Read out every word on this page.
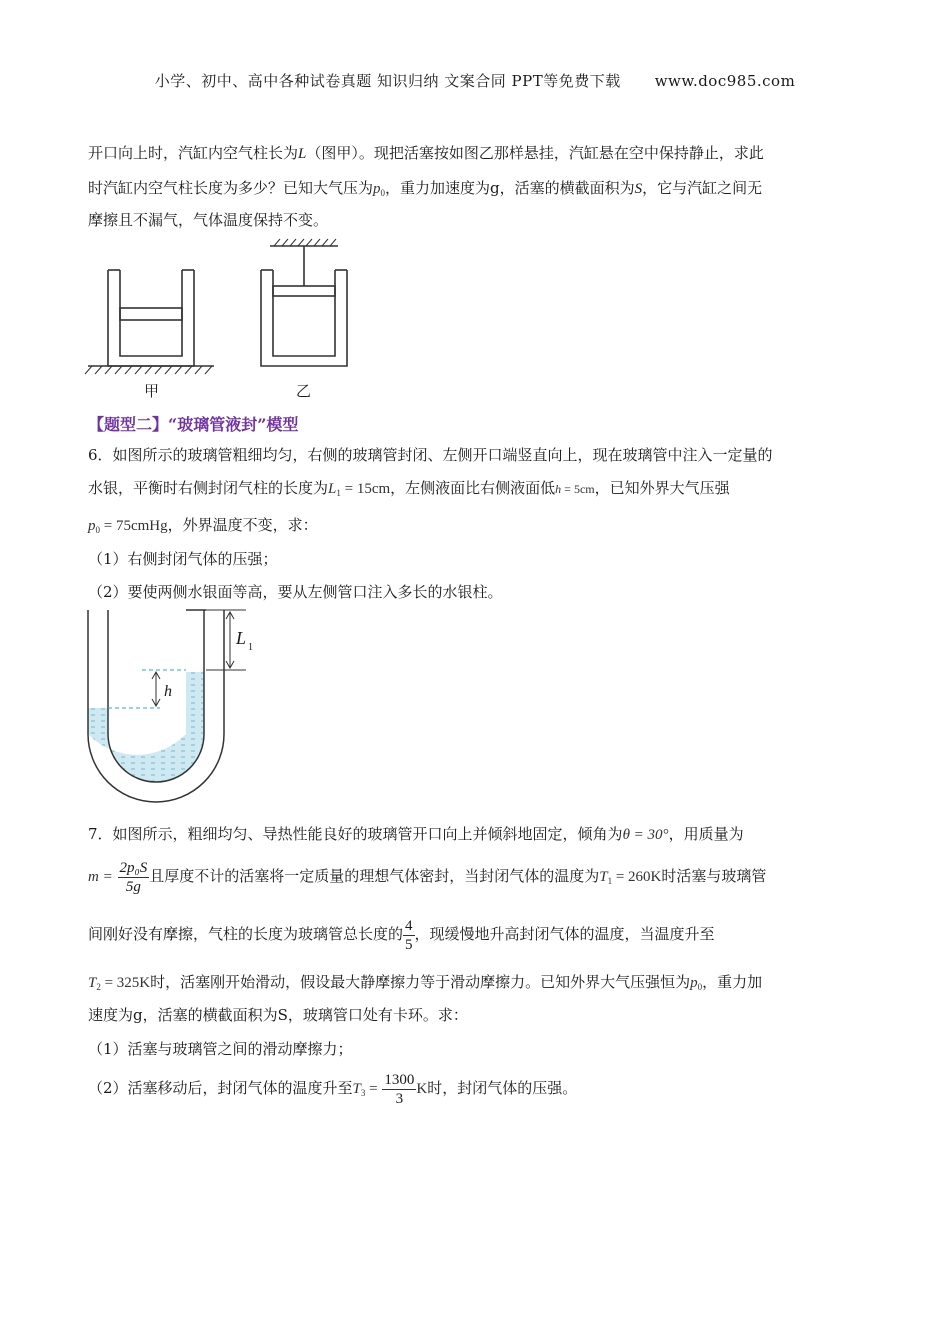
小学、初中、高中各种试卷真题 知识归纳 文案合同 PPT等免费下载 www.doc985.com
开口向上时，汽缸内空气柱长为L（图甲）。现把活塞按如图乙那样悬挂，汽缸悬在空中保持静止，求此
时汽缸内空气柱长度为多少？已知大气压为$p_0$，重力加速度为g，活塞的横截面积为S，它与汽缸之间无
摩擦且不漏气，气体温度保持不变。
甲	乙
【题型二】“玻璃管液封”模型
6．如图所示的玻璃管粗细均匀，右侧的玻璃管封闭、左侧开口端竖直向上，现在玻璃管中注入一定量的
水银，平衡时右侧封闭气柱的长度为$L_1 = 15cm$，左侧液面比右侧液面低h = 5cm，已知外界大气压强
$p_0$ = 75cmHg，外界温度不变，求：
（1）右侧封闭气体的压强；
（2）要使两侧水银面等高，要从左侧管口注入多长的水银柱。
L 1
h
7．如图所示，粗细均匀、导热性能良好的玻璃管开口向上并倾斜地固定，倾角为θ = 30°，用质量为
$m = \frac{\text{2p₀S}}{5g}$ 且厚度不计的活塞将一定质量的理想气体密封，当封闭气体的温度为$T_1 = 260K$时活塞与玻璃管
间刚好没有摩擦，气柱的长度为玻璃管总长度的 $\frac{4}{5}$ ，现缓慢地升高封闭气体的温度，当温度升至
$T_2 = 325K$时，活塞刚开始滑动，假设最大静摩擦力等于滑动摩擦力。已知外界大气压强恒为$p_0$，重力加
速度为g，活塞的横截面积为S，玻璃管口处有卡环。求：
（1）活塞与玻璃管之间的滑动摩擦力；
（2）活塞移动后，封闭气体的温度升至$T_3 = \frac{1300}{3}$ K时，封闭气体的压强。
